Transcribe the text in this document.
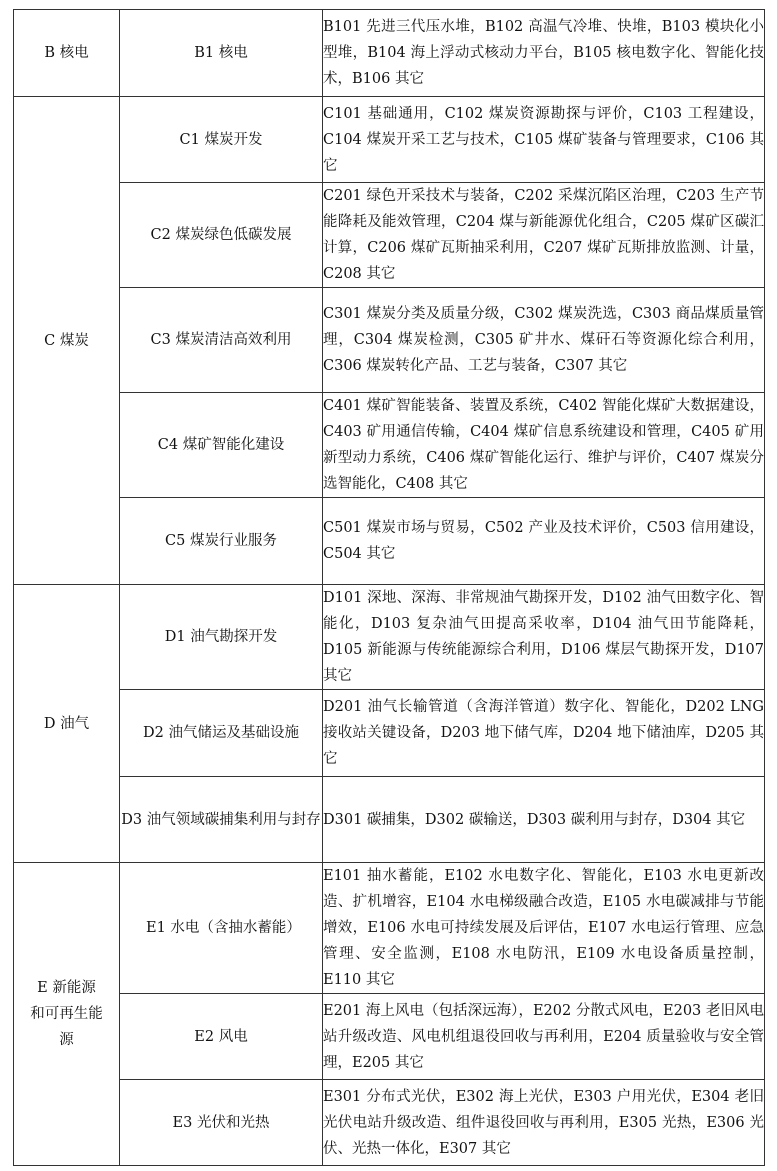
B 核电	B1 核电	B101 先进三代压水堆，B102 高温气冷堆、快堆，B103 模块化小型堆，B104 海上浮动式核动力平台，B105 核电数字化、智能化技术，B106 其它

C 煤炭	C1 煤炭开发	C101 基础通用，C102 煤炭资源勘探与评价，C103 工程建设，C104 煤炭开采工艺与技术，C105 煤矿装备与管理要求，C106 其它

	C2 煤炭绿色低碳发展	C201 绿色开采技术与装备，C202 采煤沉陷区治理，C203 生产节能降耗及能效管理，C204 煤与新能源优化组合，C205 煤矿区碳汇计算，C206 煤矿瓦斯抽采利用，C207 煤矿瓦斯排放监测、计量，C208 其它

	C3 煤炭清洁高效利用	C301 煤炭分类及质量分级，C302 煤炭洗选，C303 商品煤质量管理，C304 煤炭检测，C305 矿井水、煤矸石等资源化综合利用，C306 煤炭转化产品、工艺与装备，C307 其它

	C4 煤矿智能化建设	C401 煤矿智能装备、装置及系统，C402 智能化煤矿大数据建设，C403 矿用通信传输，C404 煤矿信息系统建设和管理，C405 矿用新型动力系统，C406 煤矿智能化运行、维护与评价，C407 煤炭分选智能化，C408 其它

	C5 煤炭行业服务	C501 煤炭市场与贸易，C502 产业及技术评价，C503 信用建设，C504 其它

D 油气	D1 油气勘探开发	D101 深地、深海、非常规油气勘探开发，D102 油气田数字化、智能化，D103 复杂油气田提高采收率，D104 油气田节能降耗，D105 新能源与传统能源综合利用，D106 煤层气勘探开发，D107 其它

	D2 油气储运及基础设施	D201 油气长输管道（含海洋管道）数字化、智能化，D202 LNG 接收站关键设备，D203 地下储气库，D204 地下储油库，D205 其它

	D3 油气领域碳捕集利用与封存	D301 碳捕集，D302 碳输送，D303 碳利用与封存，D304 其它

E 新能源和可再生能源	E1 水电（含抽水蓄能）	E101 抽水蓄能，E102 水电数字化、智能化，E103 水电更新改造、扩机增容，E104 水电梯级融合改造，E105 水电碳减排与节能增效，E106 水电可持续发展及后评估，E107 水电运行管理、应急管理、安全监测，E108 水电防汛，E109 水电设备质量控制，E110 其它

	E2 风电	E201 海上风电（包括深远海），E202 分散式风电，E203 老旧风电站升级改造、风电机组退役回收与再利用，E204 质量验收与安全管理，E205 其它

	E3 光伏和光热	E301 分布式光伏，E302 海上光伏，E303 户用光伏，E304 老旧光伏电站升级改造、组件退役回收与再利用，E305 光热，E306 光伏、光热一体化，E307 其它
